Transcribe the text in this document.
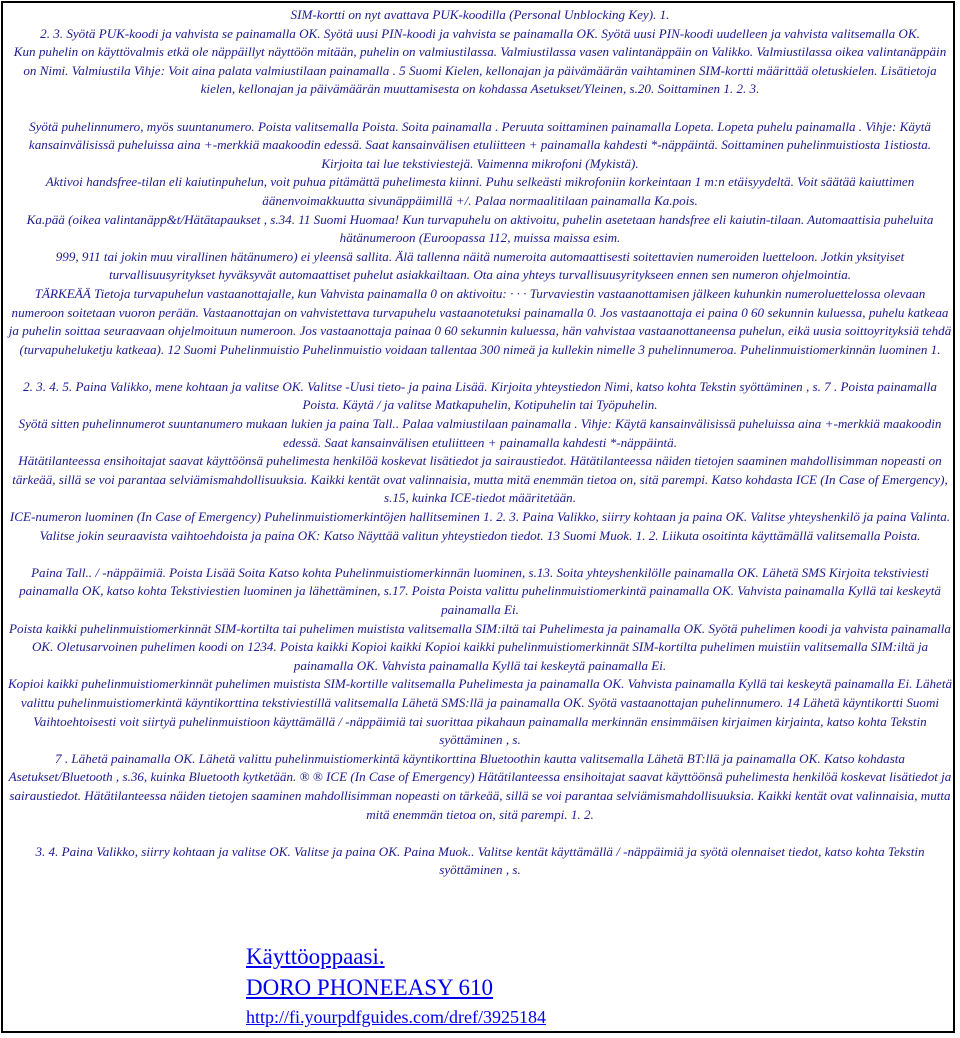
SIM-kortti on nyt avattava PUK-koodilla (Personal Unblocking Key). 1.

2. 3. Syötä PUK-koodi ja vahvista se painamalla OK. Syötä uusi PIN-koodi ja vahvista se painamalla OK. Syötä uusi PIN-koodi uudelleen ja vahvista valitsemalla OK.

Kun puhelin on käyttövalmis etkä ole näppäillyt näyttöön mitään, puhelin on valmiustilassa. Valmiustilassa vasen valintanäppäin on Valikko. Valmiustilassa oikea valintanäppäin on Nimi. Valmiustila Vihje: Voit aina palata valmiustilaan painamalla . 5 Suomi Kielen, kellonajan ja päivämäärän vaihtaminen SIM-kortti määrittää oletuskielen. Lisätietoja kielen, kellonajan ja päivämäärän muuttamisesta on kohdassa Asetukset/Yleinen, s.20. Soittaminen 1. 2. 3.

Syötä puhelinnumero, myös suuntanumero. Poista valitsemalla Poista. Soita painamalla . Peruuta soittaminen painamalla Lopeta. Lopeta puhelu painamalla . Vihje: Käytä kansainvälisissä puheluissa aina +-merkkiä maakoodin edessä. Saat kansainvälisen etuliitteen + painamalla kahdesti *-näppäintä. Soittaminen puhelinmuistiosta 1istiosta. Kirjoita tai lue tekstiviestejä. Vaimenna mikrofoni (Mykistä).

Aktivoi handsfree-tilan eli kaiutinpuhelun, voit puhua pitämättä puhelimesta kiinni. Puhu selkeästi mikrofoniin korkeintaan 1 m:n etäisyydeltä. Voit säätää kaiuttimen äänenvoimakkuutta sivunäppäimillä +/. Palaa normaalitilaan painamalla Ka.pois.

Ka.pää (oikea valintanäpp&t/Hätätapaukset , s.34. 11 Suomi Huomaa! Kun turvapuhelu on aktivoitu, puhelin asetetaan handsfree eli kaiutin-tilaan. Automaattisia puheluita hätänumeroon (Euroopassa 112, muissa maissa esim.

999, 911 tai jokin muu virallinen hätänumero) ei yleensä sallita. Älä tallenna näitä numeroita automaattisesti soitettavien numeroiden luetteloon. Jotkin yksityiset turvallisuusyritykset hyväksyvät automaattiset puhelut asiakkailtaan. Ota aina yhteys turvallisuusyritykseen ennen sen numeron ohjelmointia.

TÄRKEÄÄ Tietoja turvapuhelun vastaanottajalle, kun Vahvista painamalla 0 on aktivoitu: · · · Turvaviestin vastaanottamisen jälkeen kuhunkin numeroluettelossa olevaan numeroon soitetaan vuoron perään. Vastaanottajan on vahvistettava turvapuhelu vastaanotetuksi painamalla 0. Jos vastaanottaja ei paina 0 60 sekunnin kuluessa, puhelu katkeaa ja puhelin soittaa seuraavaan ohjelmoituun numeroon. Jos vastaanottaja painaa 0 60 sekunnin kuluessa, hän vahvistaa vastaanottaneensa puhelun, eikä uusia soittoyrityksiä tehdä (turvapuheluketju katkeaa). 12 Suomi Puhelinmuistio Puhelinmuistio voidaan tallentaa 300 nimeä ja kullekin nimelle 3 puhelinnumeroa. Puhelinmuistiomerkinnän luominen 1.

2. 3. 4. 5. Paina Valikko, mene kohtaan ja valitse OK. Valitse -Uusi tieto- ja paina Lisää. Kirjoita yhteystiedon Nimi, katso kohta Tekstin syöttäminen , s. 7 . Poista painamalla Poista. Käytä / ja valitse Matkapuhelin, Kotipuhelin tai Työpuhelin.

Syötä sitten puhelinnumerot suuntanumero mukaan lukien ja paina Tall.. Palaa valmiustilaan painamalla . Vihje: Käytä kansainvälisissä puheluissa aina +-merkkiä maakoodin edessä. Saat kansainvälisen etuliitteen + painamalla kahdesti *-näppäintä.

Hätätilanteessa ensihoitajat saavat käyttöönsä puhelimesta henkilöä koskevat lisätiedot ja sairaustiedot. Hätätilanteessa näiden tietojen saaminen mahdollisimman nopeasti on tärkeää, sillä se voi parantaa selviämismahdollisuuksia. Kaikki kentät ovat valinnaisia, mutta mitä enemmän tietoa on, sitä parempi. Katso kohdasta ICE (In Case of Emergency), s.15, kuinka ICE-tiedot määritetään.

ICE-numeron luominen (In Case of Emergency) Puhelinmuistiomerkintöjen hallitseminen 1. 2. 3. Paina Valikko, siirry kohtaan ja paina OK. Valitse yhteyshenkilö ja paina Valinta. Valitse jokin seuraavista vaihtoehdoista ja paina OK: Katso Näyttää valitun yhteystiedon tiedot. 13 Suomi Muok. 1. 2. Liikuta osoitinta käyttämällä valitsemalla Poista.

Paina Tall.. / -näppäimiä. Poista Lisää Soita Katso kohta Puhelinmuistiomerkinnän luominen, s.13. Soita yhteyshenkilölle painamalla OK. Lähetä SMS Kirjoita tekstiviesti painamalla OK, katso kohta Tekstiviestien luominen ja lähettäminen, s.17. Poista Poista valittu puhelinmuistiomerkintä painamalla OK. Vahvista painamalla Kyllä tai keskeytä painamalla Ei.

Poista kaikki puhelinmuistiomerkinnät SIM-kortilta tai puhelimen muistista valitsemalla SIM:iltä tai Puhelimesta ja painamalla OK. Syötä puhelimen koodi ja vahvista painamalla OK. Oletusarvoinen puhelimen koodi on 1234. Poista kaikki Kopioi kaikki Kopioi kaikki puhelinmuistiomerkinnät SIM-kortilta puhelimen muistiin valitsemalla SIM:iltä ja painamalla OK. Vahvista painamalla Kyllä tai keskeytä painamalla Ei.

Kopioi kaikki puhelinmuistiomerkinnät puhelimen muistista SIM-kortille valitsemalla Puhelimesta ja painamalla OK. Vahvista painamalla Kyllä tai keskeytä painamalla Ei. Lähetä valittu puhelinmuistiomerkintä käyntikorttina tekstiviestillä valitsemalla Lähetä SMS:llä ja painamalla OK. Syötä vastaanottajan puhelinnumero. 14 Lähetä käyntikortti Suomi Vaihtoehtoisesti voit siirtyä puhelinmuistioon käyttämällä / -näppäimiä tai suorittaa pikahaun painamalla merkinnän ensimmäisen kirjaimen kirjainta, katso kohta Tekstin syöttäminen , s.

7 . Lähetä painamalla OK. Lähetä valittu puhelinmuistiomerkintä käyntikorttina Bluetoothin kautta valitsemalla Lähetä BT:llä ja painamalla OK. Katso kohdasta Asetukset/Bluetooth , s.36, kuinka Bluetooth kytketään. ® ® ICE (In Case of Emergency) Hätätilanteessa ensihoitajat saavat käyttöönsä puhelimesta henkilöä koskevat lisätiedot ja sairaustiedot. Hätätilanteessa näiden tietojen saaminen mahdollisimman nopeasti on tärkeää, sillä se voi parantaa selviämismahdollisuuksia. Kaikki kentät ovat valinnaisia, mutta mitä enemmän tietoa on, sitä parempi. 1. 2.

3. 4. Paina Valikko, siirry kohtaan ja valitse OK. Valitse ja paina OK. Paina Muok.. Valitse kentät käyttämällä / -näppäimiä ja syötä olennaiset tiedot, katso kohta Tekstin syöttäminen , s.

Käyttöoppaasi.
DORO PHONEEASY 610
http://fi.yourpdfguides.com/dref/3925184
